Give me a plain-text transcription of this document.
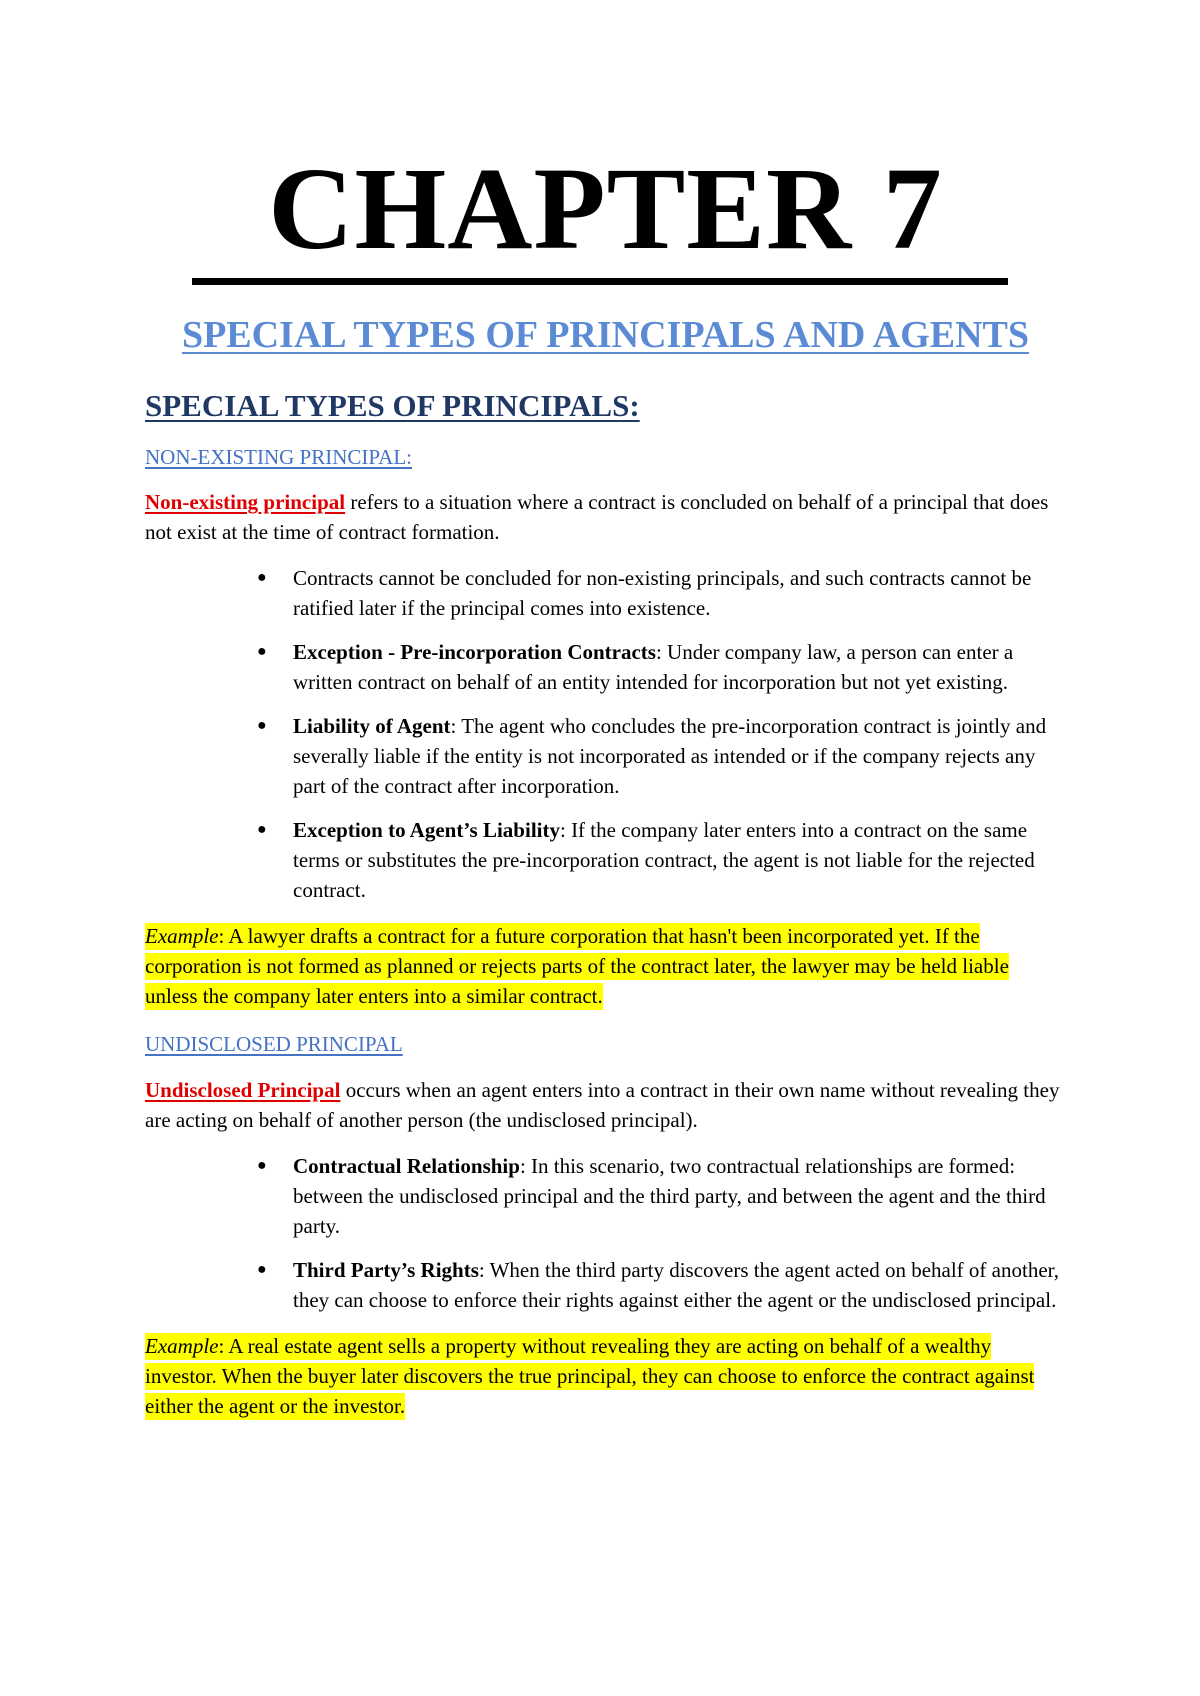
CHAPTER 7
SPECIAL TYPES OF PRINCIPALS AND AGENTS
SPECIAL TYPES OF PRINCIPALS:
NON-EXISTING PRINCIPAL:

Non-existing principal refers to a situation where a contract is concluded on behalf of a principal that does not exist at the time of contract formation.

● Contracts cannot be concluded for non-existing principals, and such contracts cannot be ratified later if the principal comes into existence.
● Exception - Pre-incorporation Contracts: Under company law, a person can enter a written contract on behalf of an entity intended for incorporation but not yet existing.
● Liability of Agent: The agent who concludes the pre-incorporation contract is jointly and severally liable if the entity is not incorporated as intended or if the company rejects any part of the contract after incorporation.
● Exception to Agent’s Liability: If the company later enters into a contract on the same terms or substitutes the pre-incorporation contract, the agent is not liable for the rejected contract.

Example: A lawyer drafts a contract for a future corporation that hasn't been incorporated yet. If the corporation is not formed as planned or rejects parts of the contract later, the lawyer may be held liable unless the company later enters into a similar contract.

UNDISCLOSED PRINCIPAL

Undisclosed Principal occurs when an agent enters into a contract in their own name without revealing they are acting on behalf of another person (the undisclosed principal).

● Contractual Relationship: In this scenario, two contractual relationships are formed: between the undisclosed principal and the third party, and between the agent and the third party.
● Third Party’s Rights: When the third party discovers the agent acted on behalf of another, they can choose to enforce their rights against either the agent or the undisclosed principal.

Example: A real estate agent sells a property without revealing they are acting on behalf of a wealthy investor. When the buyer later discovers the true principal, they can choose to enforce the contract against either the agent or the investor.
